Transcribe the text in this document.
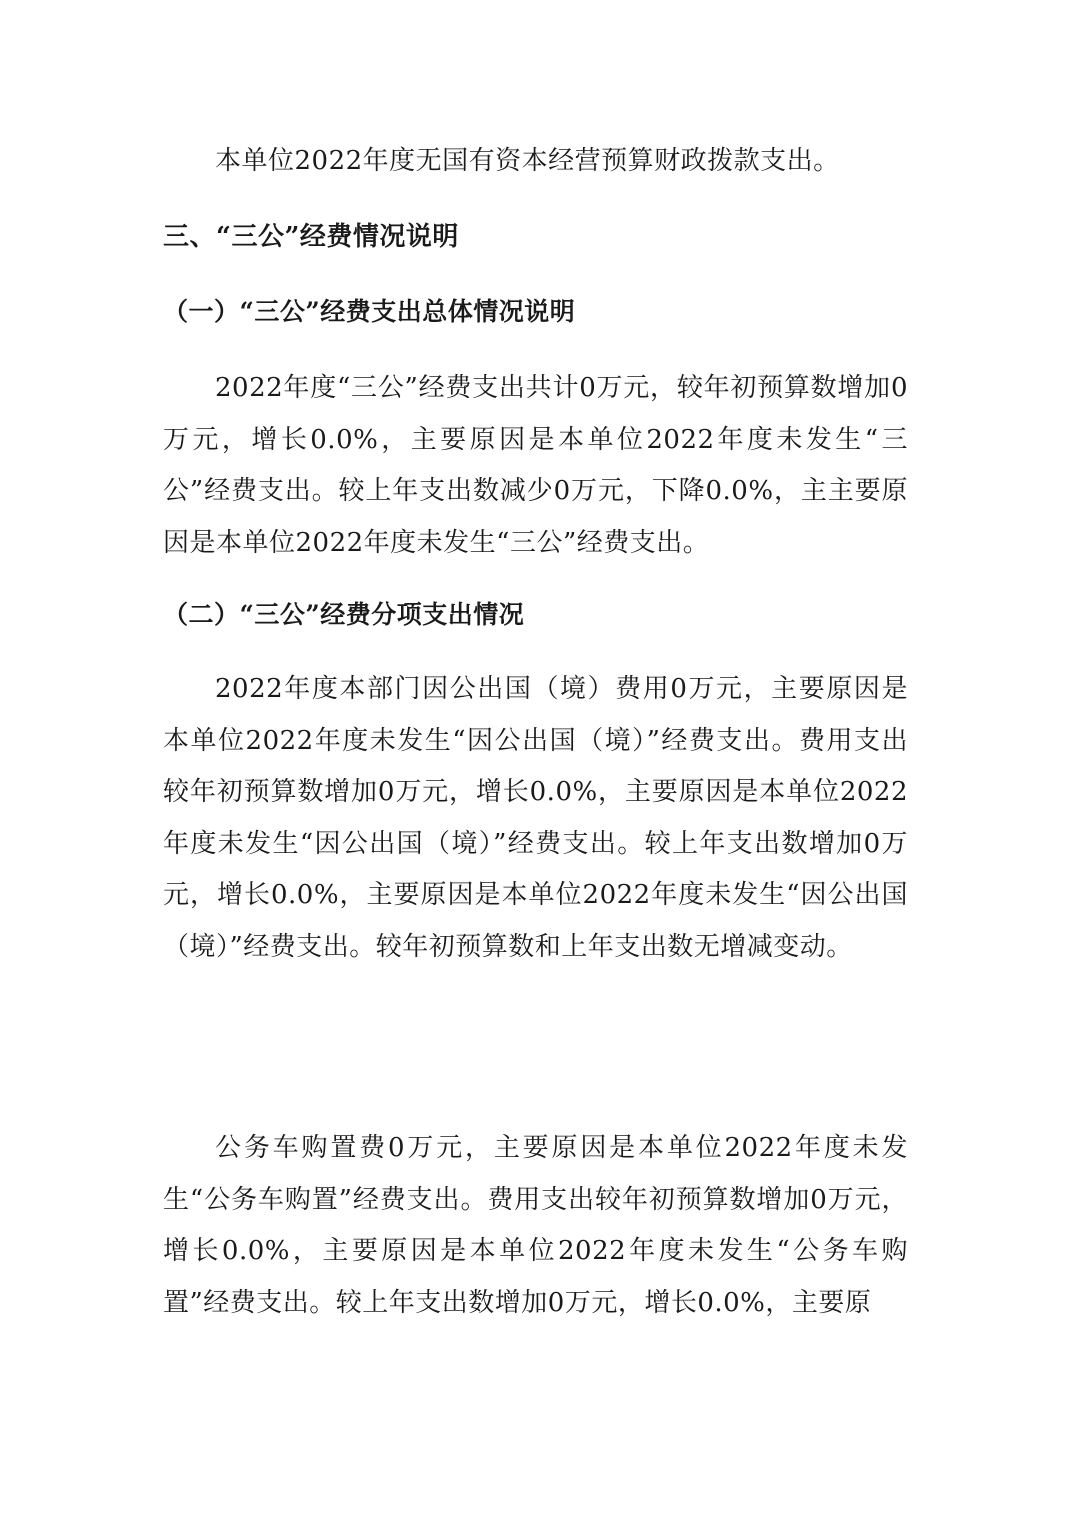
本单位2022年度无国有资本经营预算财政拨款支出。

三、“三公”经费情况说明
（一）“三公”经费支出总体情况说明

2022年度“三公”经费支出共计0万元，较年初预算数增加0万元，增长0.0%，主要原因是本单位2022年度未发生“三公”经费支出。较上年支出数减少0万元，下降0.0%，主主要原因是本单位2022年度未发生“三公”经费支出。

（二）“三公”经费分项支出情况

2022年度本部门因公出国（境）费用0万元，主要原因是本单位2022年度未发生“因公出国（境）”经费支出。费用支出较年初预算数增加0万元，增长0.0%，主要原因是本单位2022年度未发生“因公出国（境）”经费支出。较上年支出数增加0万元，增长0.0%，主要原因是本单位2022年度未发生“因公出国（境）”经费支出。较年初预算数和上年支出数无增减变动。

公务车购置费0万元，主要原因是本单位2022年度未发生“公务车购置”经费支出。费用支出较年初预算数增加0万元，增长0.0%，主要原因是本单位2022年度未发生“公务车购置”经费支出。较上年支出数增加0万元，增长0.0%，主要原
